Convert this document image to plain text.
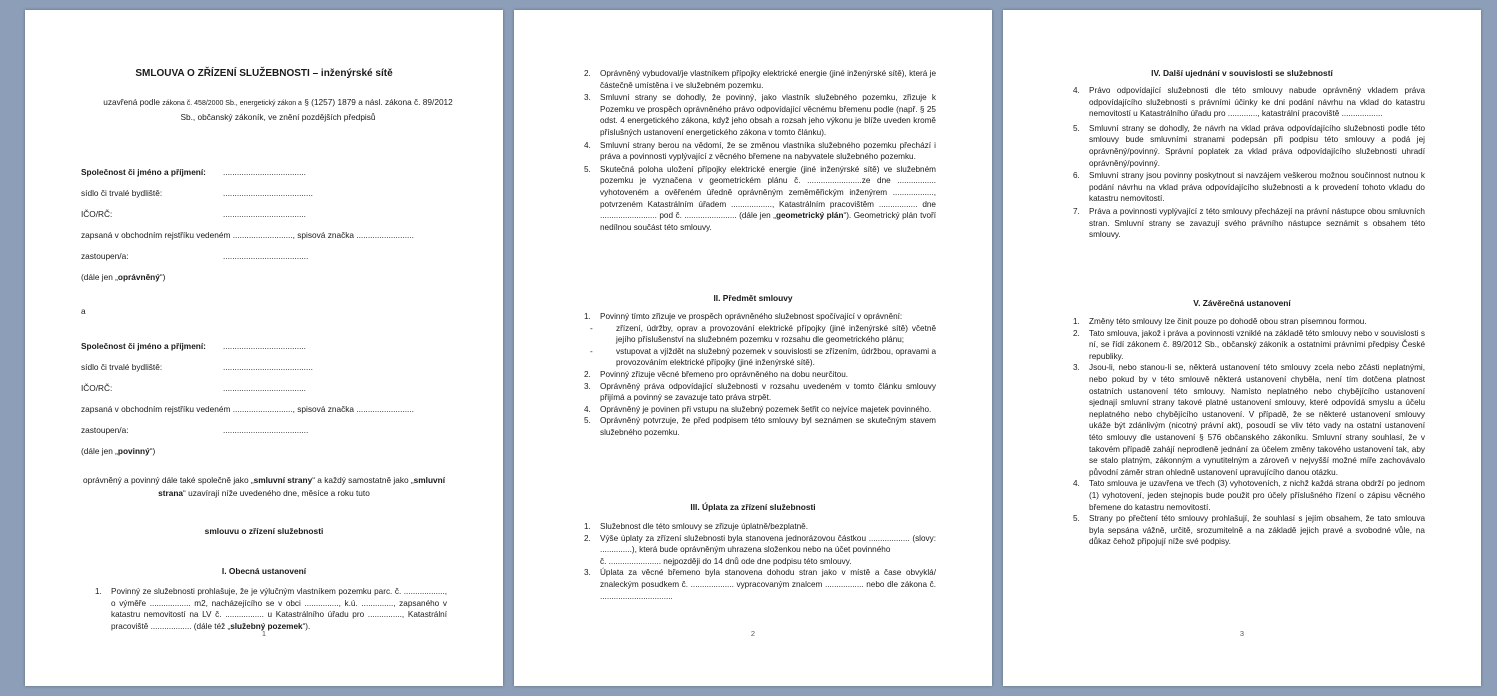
SMLOUVA O ZŘÍZENÍ SLUŽEBNOSTI – inženýrské sítě
uzavřená podle zákona č. 458/2000 Sb., energetický zákon a § (1257) 1879 a násl. zákona č. 89/2012 Sb., občanský zákoník, ve znění pozdějších předpisů
Společnost či jméno a příjmení: ....................................
sídlo či trvalé bydliště:	.......................................
IČO/RČ:	....................................
zapsaná v obchodním rejstříku vedeném .........................., spisová značka .........................
zastoupen/a:	.....................................
(dále jen „oprávněný“)
a
Společnost či jméno a příjmení: ....................................
sídlo či trvalé bydliště:	.......................................
IČO/RČ:	....................................
zapsaná v obchodním rejstříku vedeném .........................., spisová značka .........................
zastoupen/a:	.....................................
(dále jen „povinný“)
oprávněný a povinný dále také společně jako „smluvní strany“ a každý samostatně jako „smluvní strana“ uzavírají níže uvedeného dne, měsíce a roku tuto
smlouvu o zřízení služebnosti
I. Obecná ustanovení
1. Povinný ze služebnosti prohlašuje, že je výlučným vlastníkem pozemku parc. č. .................., o výměře .................. m2, nacházejícího se v obci ..............., k.ú. .............., zapsaného v katastru nemovitostí na LV č. ................. u Katastrálního úřadu pro ..............., Katastrální pracoviště .................. (dále též „služebný pozemek“).
1
2. Oprávněný vybudoval/je vlastníkem přípojky elektrické energie (jiné inženýrské sítě), která je částečně umístěna i ve služebném pozemku.
3. Smluvní strany se dohodly, že povinný, jako vlastník služebného pozemku, zřizuje k Pozemku ve prospěch oprávněného právo odpovídající věcnému břemenu podle (např. § 25 odst. 4 energetického zákona, když jeho obsah a rozsah jeho výkonu je blíže uveden kromě příslušných ustanovení energetického zákona v tomto článku).
4. Smluvní strany berou na vědomí, že se změnou vlastníka služebného pozemku přechází i práva a povinnosti vyplývající z věcného břemene na nabyvatele služebného pozemku.
5. Skutečná poloha uložení přípojky elektrické energie (jiné inženýrské sítě) ve služebném pozemku je vyznačena v geometrickém plánu č. ........................ze dne ................. vyhotoveném a ověřeném úředně oprávněným zeměměřickým inženýrem .................., potvrzeném Katastrálním úřadem .................., Katastrálním pracovištěm ................. dne ......................... pod č. ....................... (dále jen „geometrický plán“). Geometrický plán tvoří nedílnou součást této smlouvy.
II. Předmět smlouvy
1. Povinný tímto zřizuje ve prospěch oprávněného služebnost spočívající v oprávnění:
-	zřízení, údržby, oprav a provozování elektrické přípojky (jiné inženýrské sítě) včetně jejího příslušenství na služebném pozemku v rozsahu dle geometrického plánu;
-	vstupovat a vjíždět na služebný pozemek v souvislosti se zřízením, údržbou, opravami a provozováním elektrické přípojky (jiné inženýrské sítě).
2. Povinný zřizuje věcné břemeno pro oprávněného na dobu neurčitou.
3. Oprávněný práva odpovídající služebnosti v rozsahu uvedeném v tomto článku smlouvy přijímá a povinný se zavazuje tato práva strpět.
4. Oprávněný je povinen při vstupu na služebný pozemek šetřit co nejvíce majetek povinného.
5. Oprávněný potvrzuje, že před podpisem této smlouvy byl seznámen se skutečným stavem služebného pozemku.
III. Úplata za zřízení služebnosti
1. Služebnost dle této smlouvy se zřizuje úplatně/bezplatně.
2. Výše úplaty za zřízení služebnosti byla stanovena jednorázovou částkou .................. (slovy: ..............), která bude oprávněným uhrazena složenkou nebo na účet povinného
č. ....................... nejpozději do 14 dnů ode dne podpisu této smlouvy.
3. Úplata za věcné břemeno byla stanovena dohodu stran jako v místě a čase obvyklá/ znaleckým posudkem č. ................... vypracovaným znalcem ................. nebo dle zákona č. ................................
2
IV. Další ujednání v souvislosti se služebností
4. Právo odpovídající služebnosti dle této smlouvy nabude oprávněný vkladem práva odpovídajícího služebnosti s právními účinky ke dni podání návrhu na vklad do katastru nemovitostí u Katastrálního úřadu pro ............., katastrální pracoviště ..................
5. Smluvní strany se dohodly, že návrh na vklad práva odpovídajícího služebnosti podle této smlouvy bude smluvními stranami podepsán při podpisu této smlouvy a podá jej oprávněný/povinný. Správní poplatek za vklad práva odpovídajícího služebnosti uhradí oprávněný/povinný.
6. Smluvní strany jsou povinny poskytnout si navzájem veškerou možnou součinnost nutnou k podání návrhu na vklad práva odpovídajícího služebnosti a k provedení tohoto vkladu do katastru nemovitostí.
7. Práva a povinnosti vyplývající z této smlouvy přecházejí na právní nástupce obou smluvních stran. Smluvní strany se zavazují svého právního nástupce seznámit s obsahem této smlouvy.
V. Závěrečná ustanovení
1. Změny této smlouvy lze činit pouze po dohodě obou stran písemnou formou.
2. Tato smlouva, jakož i práva a povinnosti vzniklé na základě této smlouvy nebo v souvislosti s ní, se řídí zákonem č. 89/2012 Sb., občanský zákoník a ostatními právními předpisy České republiky.
3. Jsou-li, nebo stanou-li se, některá ustanovení této smlouvy zcela nebo zčásti neplatnými, nebo pokud by v této smlouvě některá ustanovení chyběla, není tím dotčena platnost ostatních ustanovení této smlouvy. Namísto neplatného nebo chybějícího ustanovení sjednají smluvní strany takové platné ustanovení smlouvy, které odpovídá smyslu a účelu neplatného nebo chybějícího ustanovení. V případě, že se některé ustanovení smlouvy ukáže být zdánlivým (nicotný právní akt), posoudí se vliv této vady na ostatní ustanovení této smlouvy dle ustanovení § 576 občanského zákoníku. Smluvní strany souhlasí, že v takovém případě zahájí neprodleně jednání za účelem změny takového ustanovení tak, aby se stalo platným, zákonným a vynutitelným a zároveň v nejvyšší možné míře zachovávalo původní záměr stran ohledně ustanovení upravujícího danou otázku.
4. Tato smlouva je uzavřena ve třech (3) vyhotoveních, z nichž každá strana obdrží po jednom (1) vyhotovení, jeden stejnopis bude použit pro účely příslušného řízení o zápisu věcného břemene do katastru nemovitostí.
5. Strany po přečtení této smlouvy prohlašují, že souhlasí s jejím obsahem, že tato smlouva byla sepsána vážně, určitě, srozumitelně a na základě jejich pravé a svobodné vůle, na důkaz čehož připojují níže své podpisy.
3
